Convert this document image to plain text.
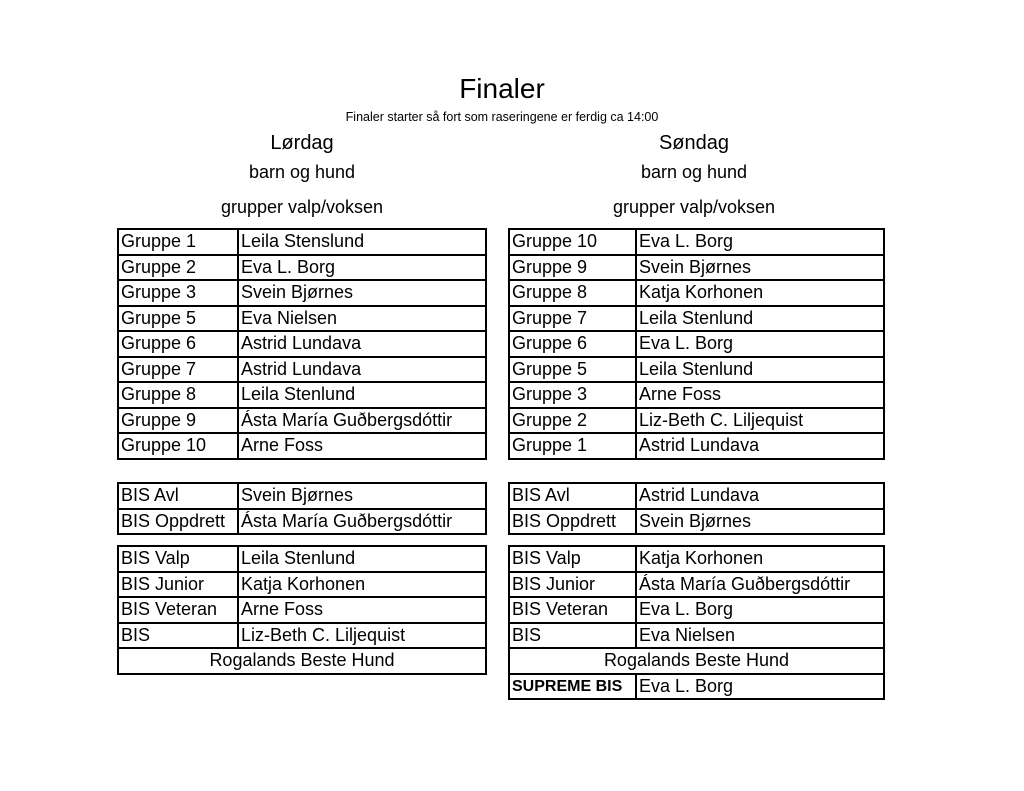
Finaler
Finaler starter så fort som raseringene er ferdig ca 14:00
Lørdag
barn og hund
grupper valp/voksen
Søndag
barn og hund
grupper valp/voksen
Gruppe 1	Leila Stenslund
Gruppe 2	Eva L. Borg
Gruppe 3	Svein Bjørnes
Gruppe 5	Eva Nielsen
Gruppe 6	Astrid Lundava
Gruppe 7	Astrid Lundava
Gruppe 8	Leila Stenlund
Gruppe 9	Ásta María Guðbergsdóttir
Gruppe 10	Arne Foss
BIS Avl	Svein Bjørnes
BIS Oppdrett	Ásta María Guðbergsdóttir
BIS Valp	Leila Stenlund
BIS Junior	Katja Korhonen
BIS Veteran	Arne Foss
BIS	Liz-Beth C. Liljequist
Rogalands Beste Hund	
Gruppe 10	Eva L. Borg
Gruppe 9	Svein Bjørnes
Gruppe 8	Katja Korhonen
Gruppe 7	Leila Stenlund
Gruppe 6	Eva L. Borg
Gruppe 5	Leila Stenlund
Gruppe 3	Arne Foss
Gruppe 2	Liz-Beth C. Liljequist
Gruppe 1	Astrid Lundava
BIS Avl	Astrid Lundava
BIS Oppdrett	Svein Bjørnes
BIS Valp	Katja Korhonen
BIS Junior	Ásta María Guðbergsdóttir
BIS Veteran	Eva L. Borg
BIS	Eva Nielsen
Rogalands Beste Hund	
SUPREME BIS	Eva L. Borg
